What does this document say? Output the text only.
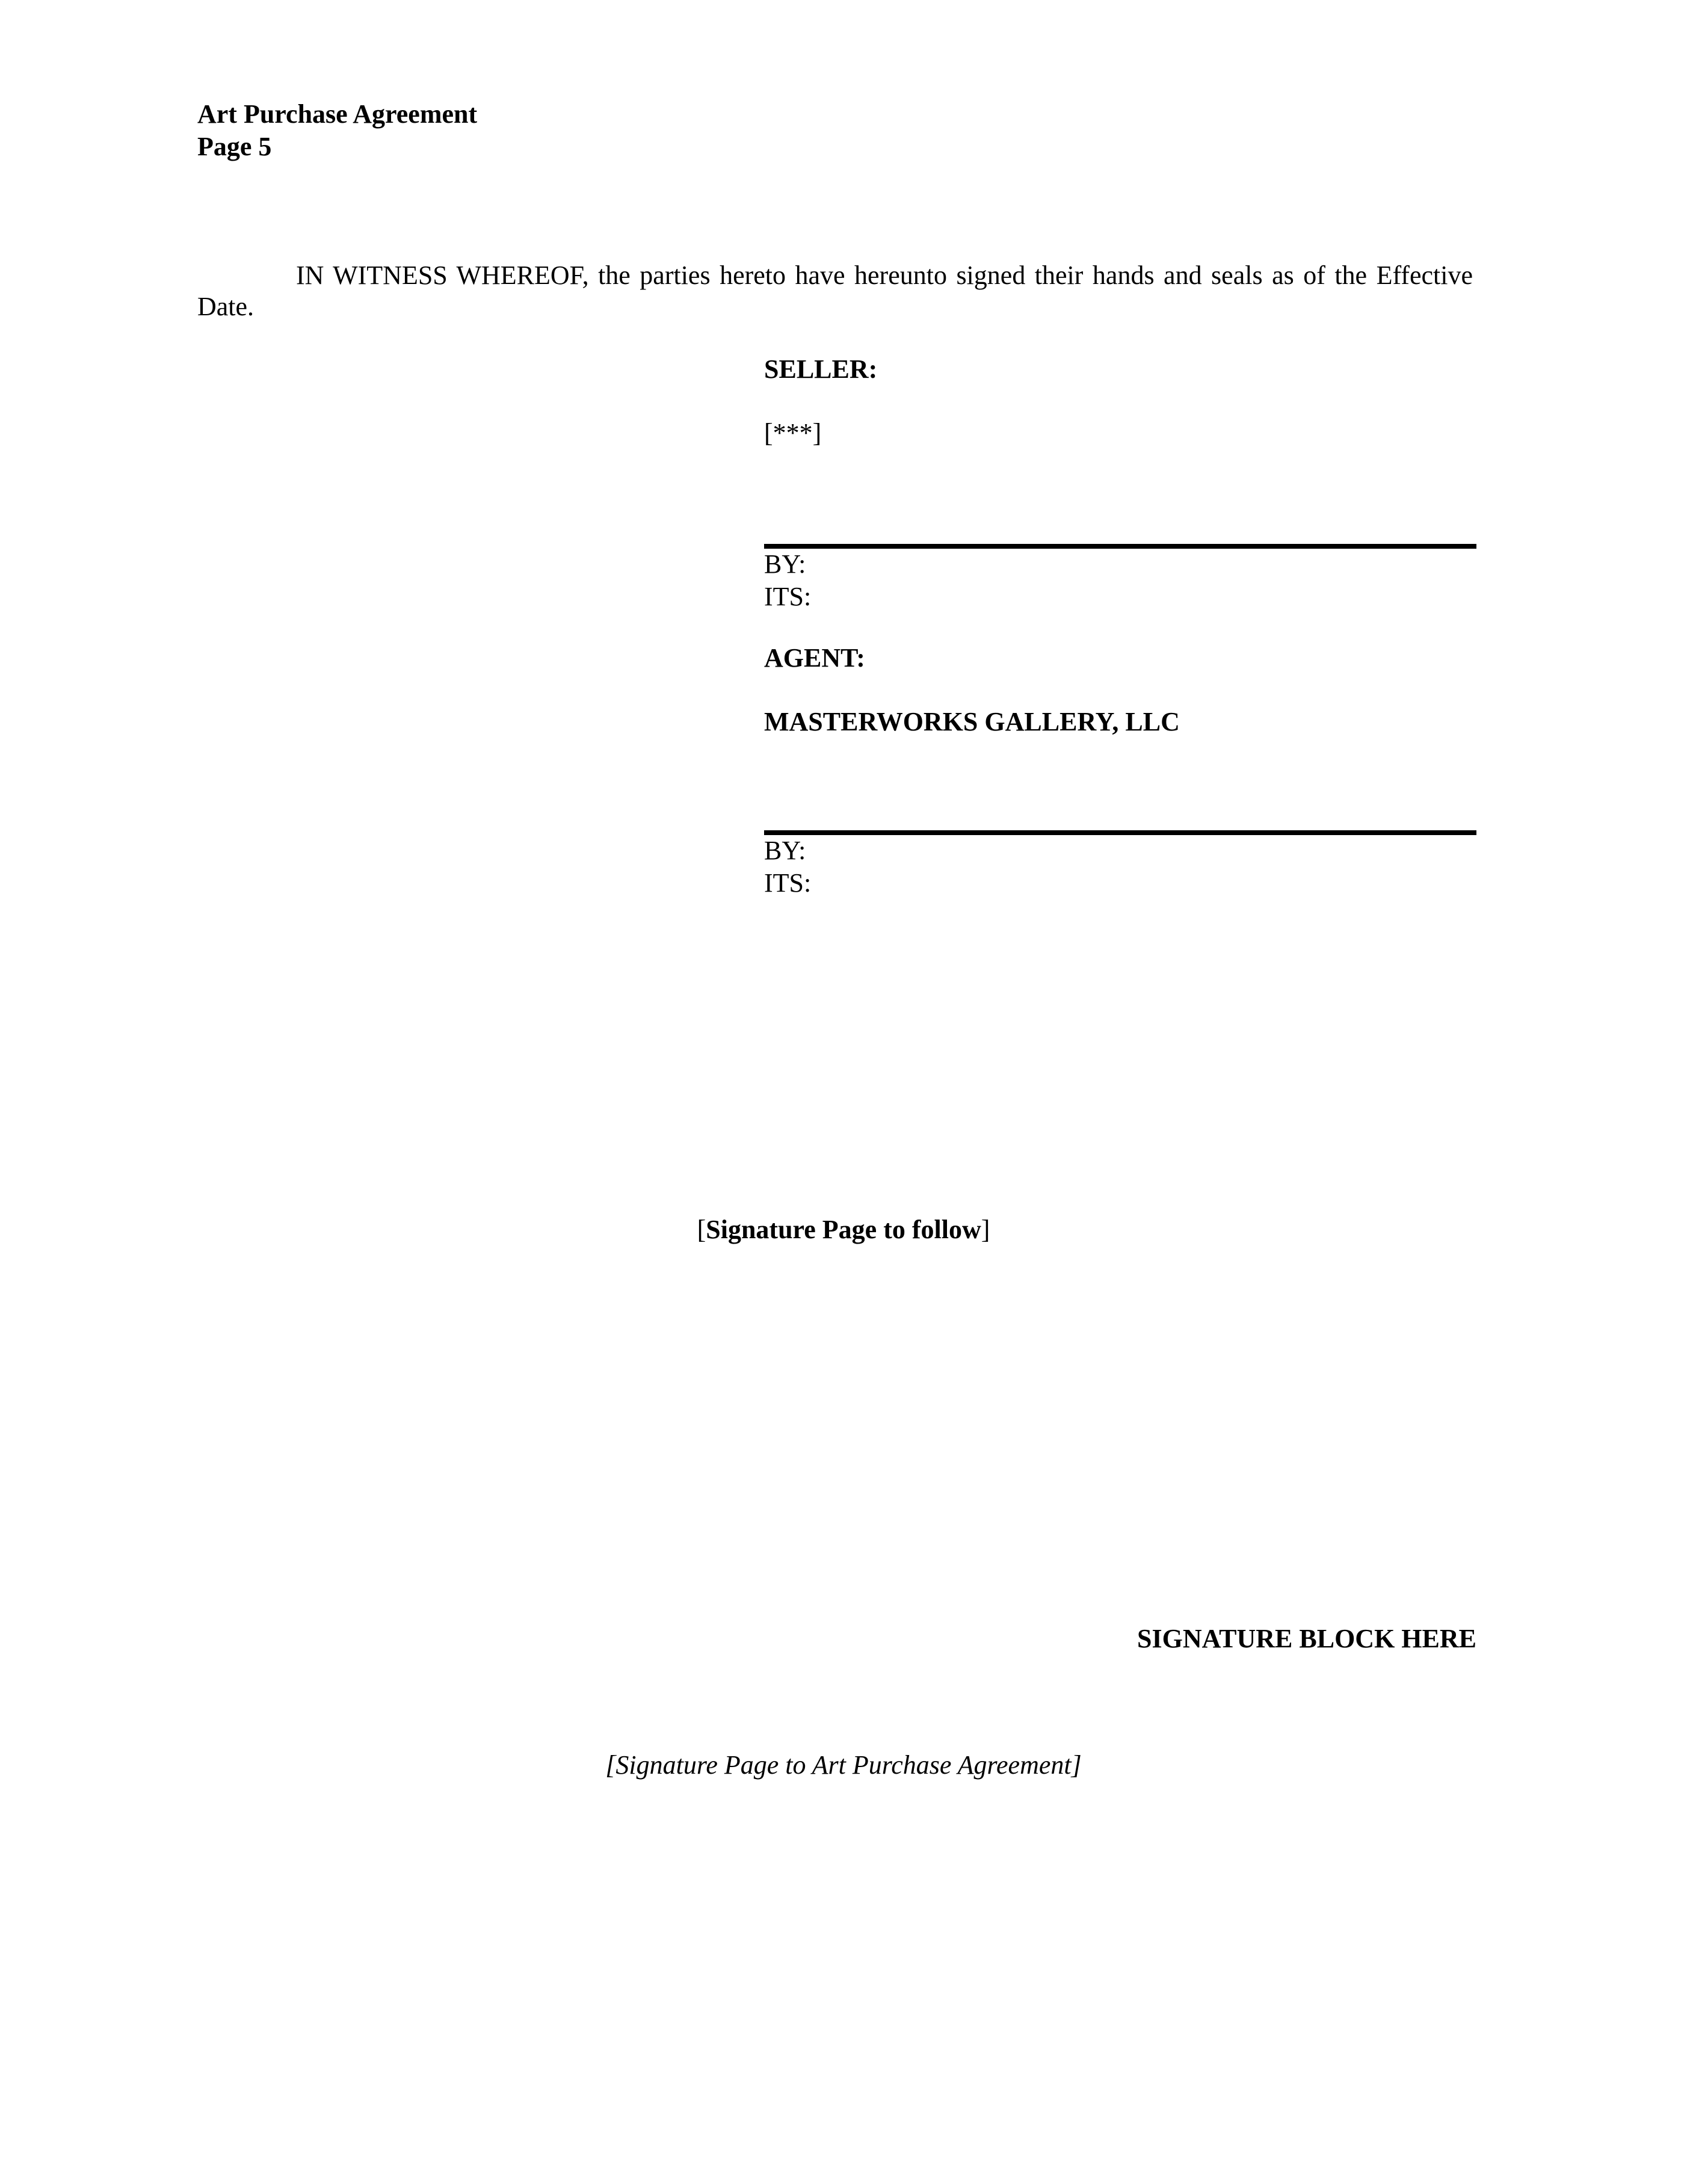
Art Purchase Agreement
Page 5
IN WITNESS WHEREOF, the parties hereto have hereunto signed their hands and seals as of the Effective Date.
SELLER:
[***]
BY:
ITS:
AGENT:
MASTERWORKS GALLERY, LLC
BY:
ITS:
[Signature Page to follow]
SIGNATURE BLOCK HERE
[Signature Page to Art Purchase Agreement]
